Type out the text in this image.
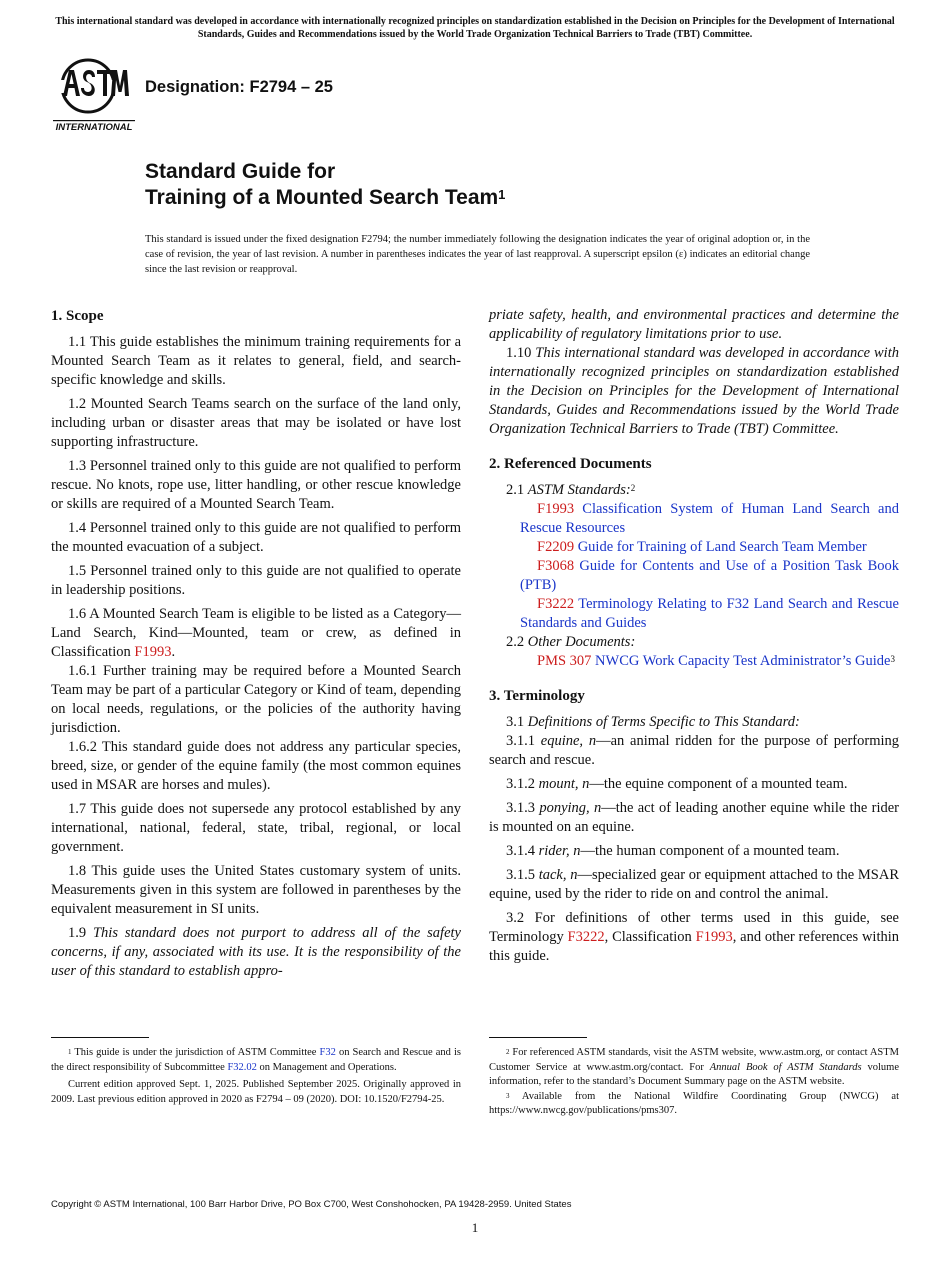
This international standard was developed in accordance with internationally recognized principles on standardization established in the Decision on Principles for the Development of International Standards, Guides and Recommendations issued by the World Trade Organization Technical Barriers to Trade (TBT) Committee.
INTERNATIONAL
Designation: F2794 – 25
Standard Guide for
Training of a Mounted Search Team$^1$
This standard is issued under the fixed designation F2794; the number immediately following the designation indicates the year of original adoption or, in the case of revision, the year of last revision. A number in parentheses indicates the year of last reapproval. A superscript epsilon (ε) indicates an editorial change since the last revision or reapproval.
1. Scope

1.1 This guide establishes the minimum training requirements for a Mounted Search Team as it relates to general, field, and search-specific knowledge and skills.

1.2 Mounted Search Teams search on the surface of the land only, including urban or disaster areas that may be isolated or have lost supporting infrastructure.

1.3 Personnel trained only to this guide are not qualified to perform rescue. No knots, rope use, litter handling, or other rescue knowledge or skills are required of a Mounted Search Team.

1.4 Personnel trained only to this guide are not qualified to perform the mounted evacuation of a subject.

1.5 Personnel trained only to this guide are not qualified to operate in leadership positions.

1.6 A Mounted Search Team is eligible to be listed as a Category—Land Search, Kind—Mounted, team or crew, as defined in Classification F1993.

1.6.1 Further training may be required before a Mounted Search Team may be part of a particular Category or Kind of team, depending on local needs, regulations, or the policies of the authority having jurisdiction.

1.6.2 This standard guide does not address any particular species, breed, size, or gender of the equine family (the most common equines used in MSAR are horses and mules).

1.7 This guide does not supersede any protocol established by any international, national, federal, state, tribal, regional, or local government.

1.8 This guide uses the United States customary system of units. Measurements given in this system are followed in parentheses by the equivalent measurement in SI units.

1.9 This standard does not purport to address all of the safety concerns, if any, associated with its use. It is the responsibility of the user of this standard to establish appro-

priate safety, health, and environmental practices and determine the applicability of regulatory limitations prior to use.

1.10 This international standard was developed in accordance with internationally recognized principles on standardization established in the Decision on Principles for the Development of International Standards, Guides and Recommendations issued by the World Trade Organization Technical Barriers to Trade (TBT) Committee.

2. Referenced Documents

2.1 ASTM Standards:$^2$

F1993 Classification System of Human Land Search and Rescue Resources

F2209 Guide for Training of Land Search Team Member

F3068 Guide for Contents and Use of a Position Task Book (PTB)

F3222 Terminology Relating to F32 Land Search and Rescue Standards and Guides

2.2 Other Documents:

PMS 307 NWCG Work Capacity Test Administrator’s Guide$^3$

3. Terminology

3.1 Definitions of Terms Specific to This Standard:

3.1.1 equine, n—an animal ridden for the purpose of performing search and rescue.

3.1.2 mount, n—the equine component of a mounted team.

3.1.3 ponying, n—the act of leading another equine while the rider is mounted on an equine.

3.1.4 rider, n—the human component of a mounted team.

3.1.5 tack, n—specialized gear or equipment attached to the MSAR equine, used by the rider to ride on and control the animal.

3.2 For definitions of other terms used in this guide, see Terminology F3222, Classification F1993, and other references within this guide.

$^1$ This guide is under the jurisdiction of ASTM Committee F32 on Search and Rescue and is the direct responsibility of Subcommittee F32.02 on Management and Operations.

Current edition approved Sept. 1, 2025. Published September 2025. Originally approved in 2009. Last previous edition approved in 2020 as F2794 – 09 (2020). DOI: 10.1520/F2794-25.

$^2$ For referenced ASTM standards, visit the ASTM website, www.astm.org, or contact ASTM Customer Service at www.astm.org/contact. For Annual Book of ASTM Standards volume information, refer to the standard’s Document Summary page on the ASTM website.

$^3$ Available from the National Wildfire Coordinating Group (NWCG) at https://www.nwcg.gov/publications/pms307.

Copyright © ASTM International, 100 Barr Harbor Drive, PO Box C700, West Conshohocken, PA 19428-2959. United States
1
